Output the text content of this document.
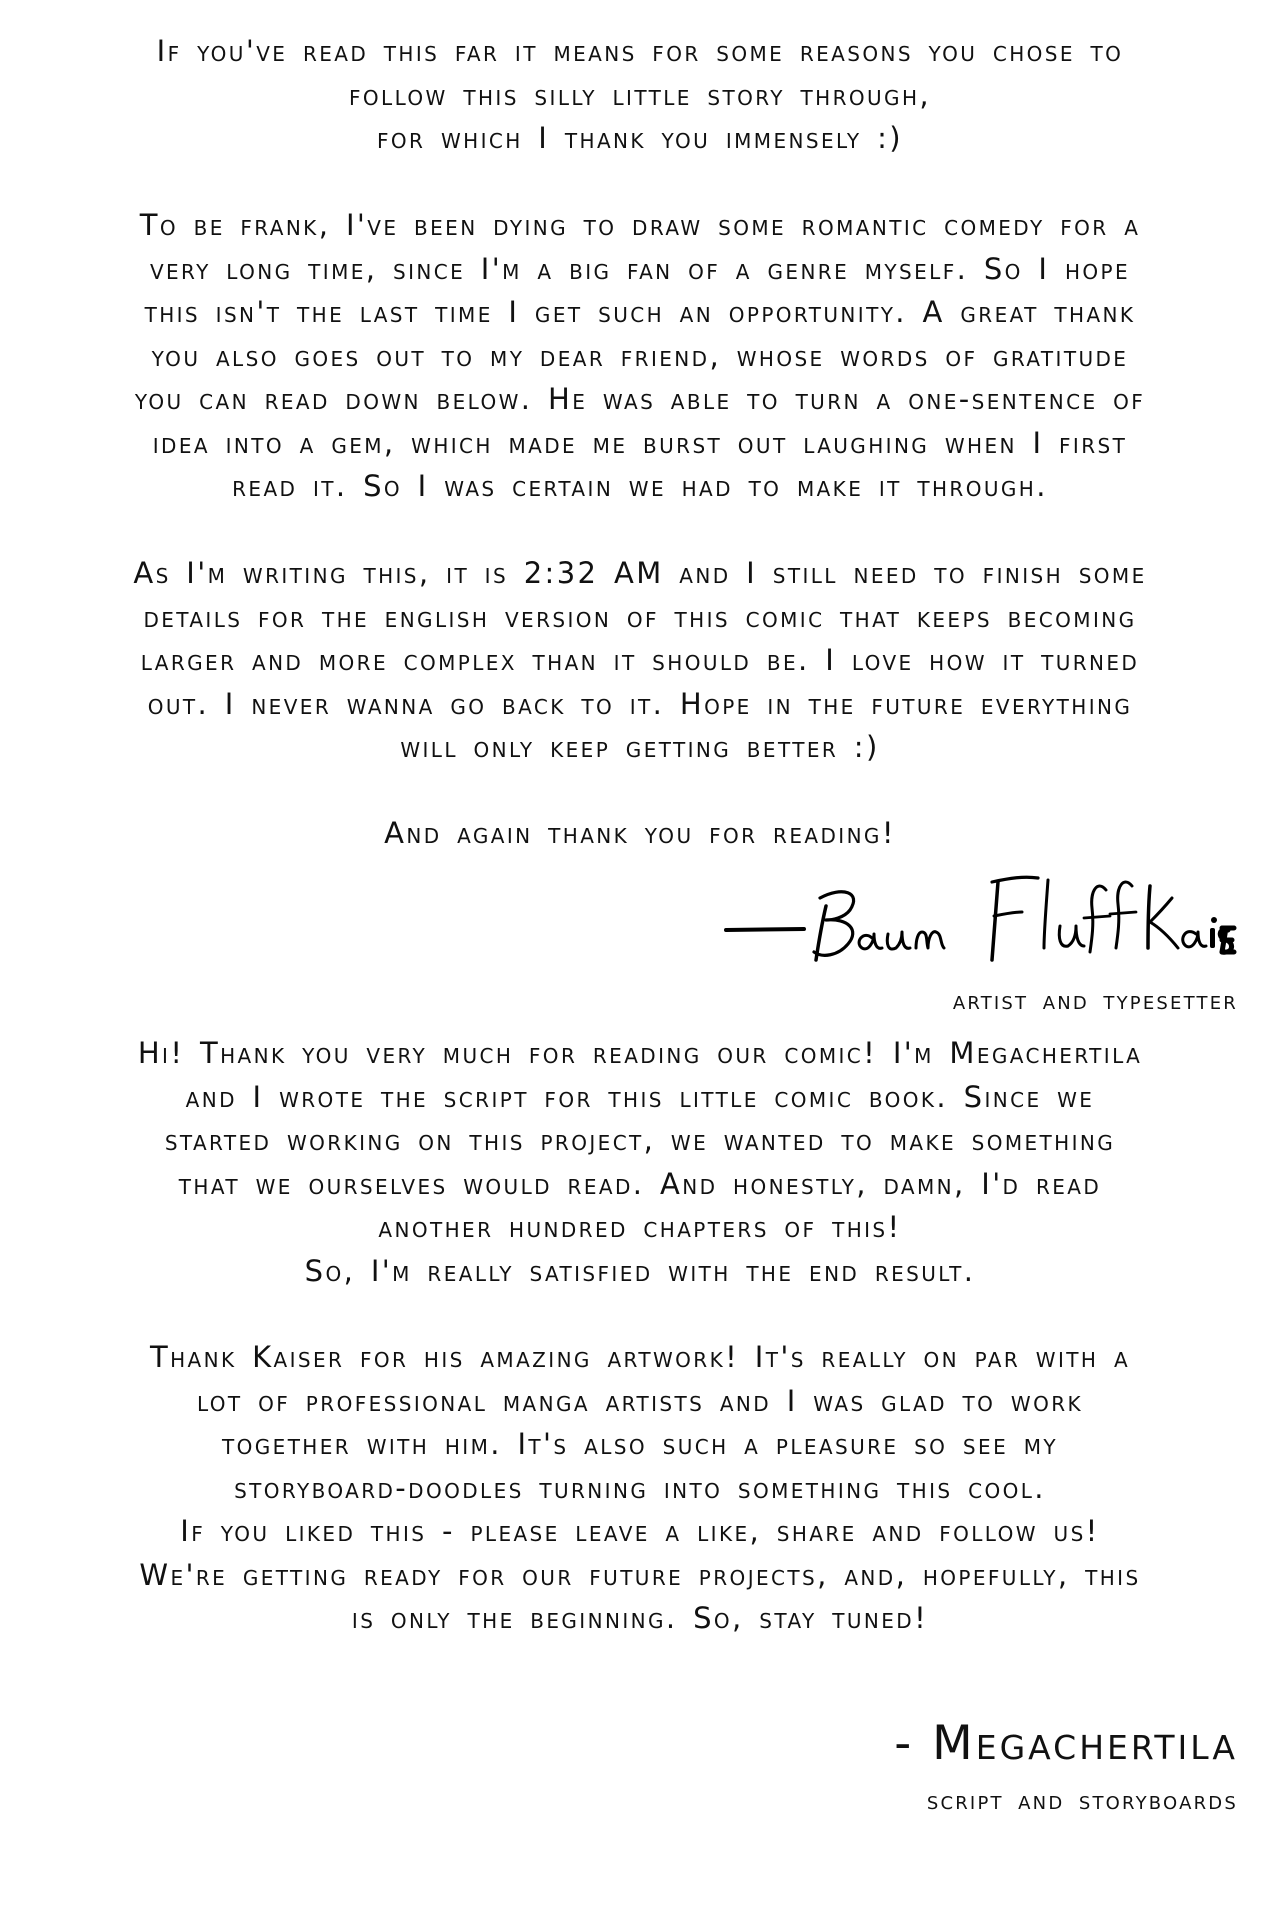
If you've read this far it means for some reasons you chose to
follow this silly little story through,
for which I thank you immensely :)
To be frank, I've been dying to draw some romantic comedy for a
very long time, since I'm a big fan of a genre myself. So I hope
this isn't the last time I get such an opportunity. A great thank
you also goes out to my dear friend, whose words of gratitude
you can read down below. He was able to turn a one-sentence of
idea into a gem, which made me burst out laughing when I first
read it. So I was certain we had to make it through.
As I'm writing this, it is 2:32 AM and I still need to finish some
details for the english version of this comic that keeps becoming
larger and more complex than it should be. I love how it turned
out. I never wanna go back to it. Hope in the future everything
will only keep getting better :)
And again thank you for reading!
artist and typesetter
Hi! Thank you very much for reading our comic! I'm Megachertila
and I wrote the script for this little comic book. Since we
started working on this project, we wanted to make something
that we ourselves would read. And honestly, damn, I'd read
another hundred chapters of this!
So, I'm really satisfied with the end result.
Thank Kaiser for his amazing artwork! It's really on par with a
lot of professional manga artists and I was glad to work
together with him. It's also such a pleasure so see my
storyboard-doodles turning into something this cool.
If you liked this - please leave a like, share and follow us!
We're getting ready for our future projects, and, hopefully, this
is only the beginning. So, stay tuned!
- Megachertila
script and storyboards
